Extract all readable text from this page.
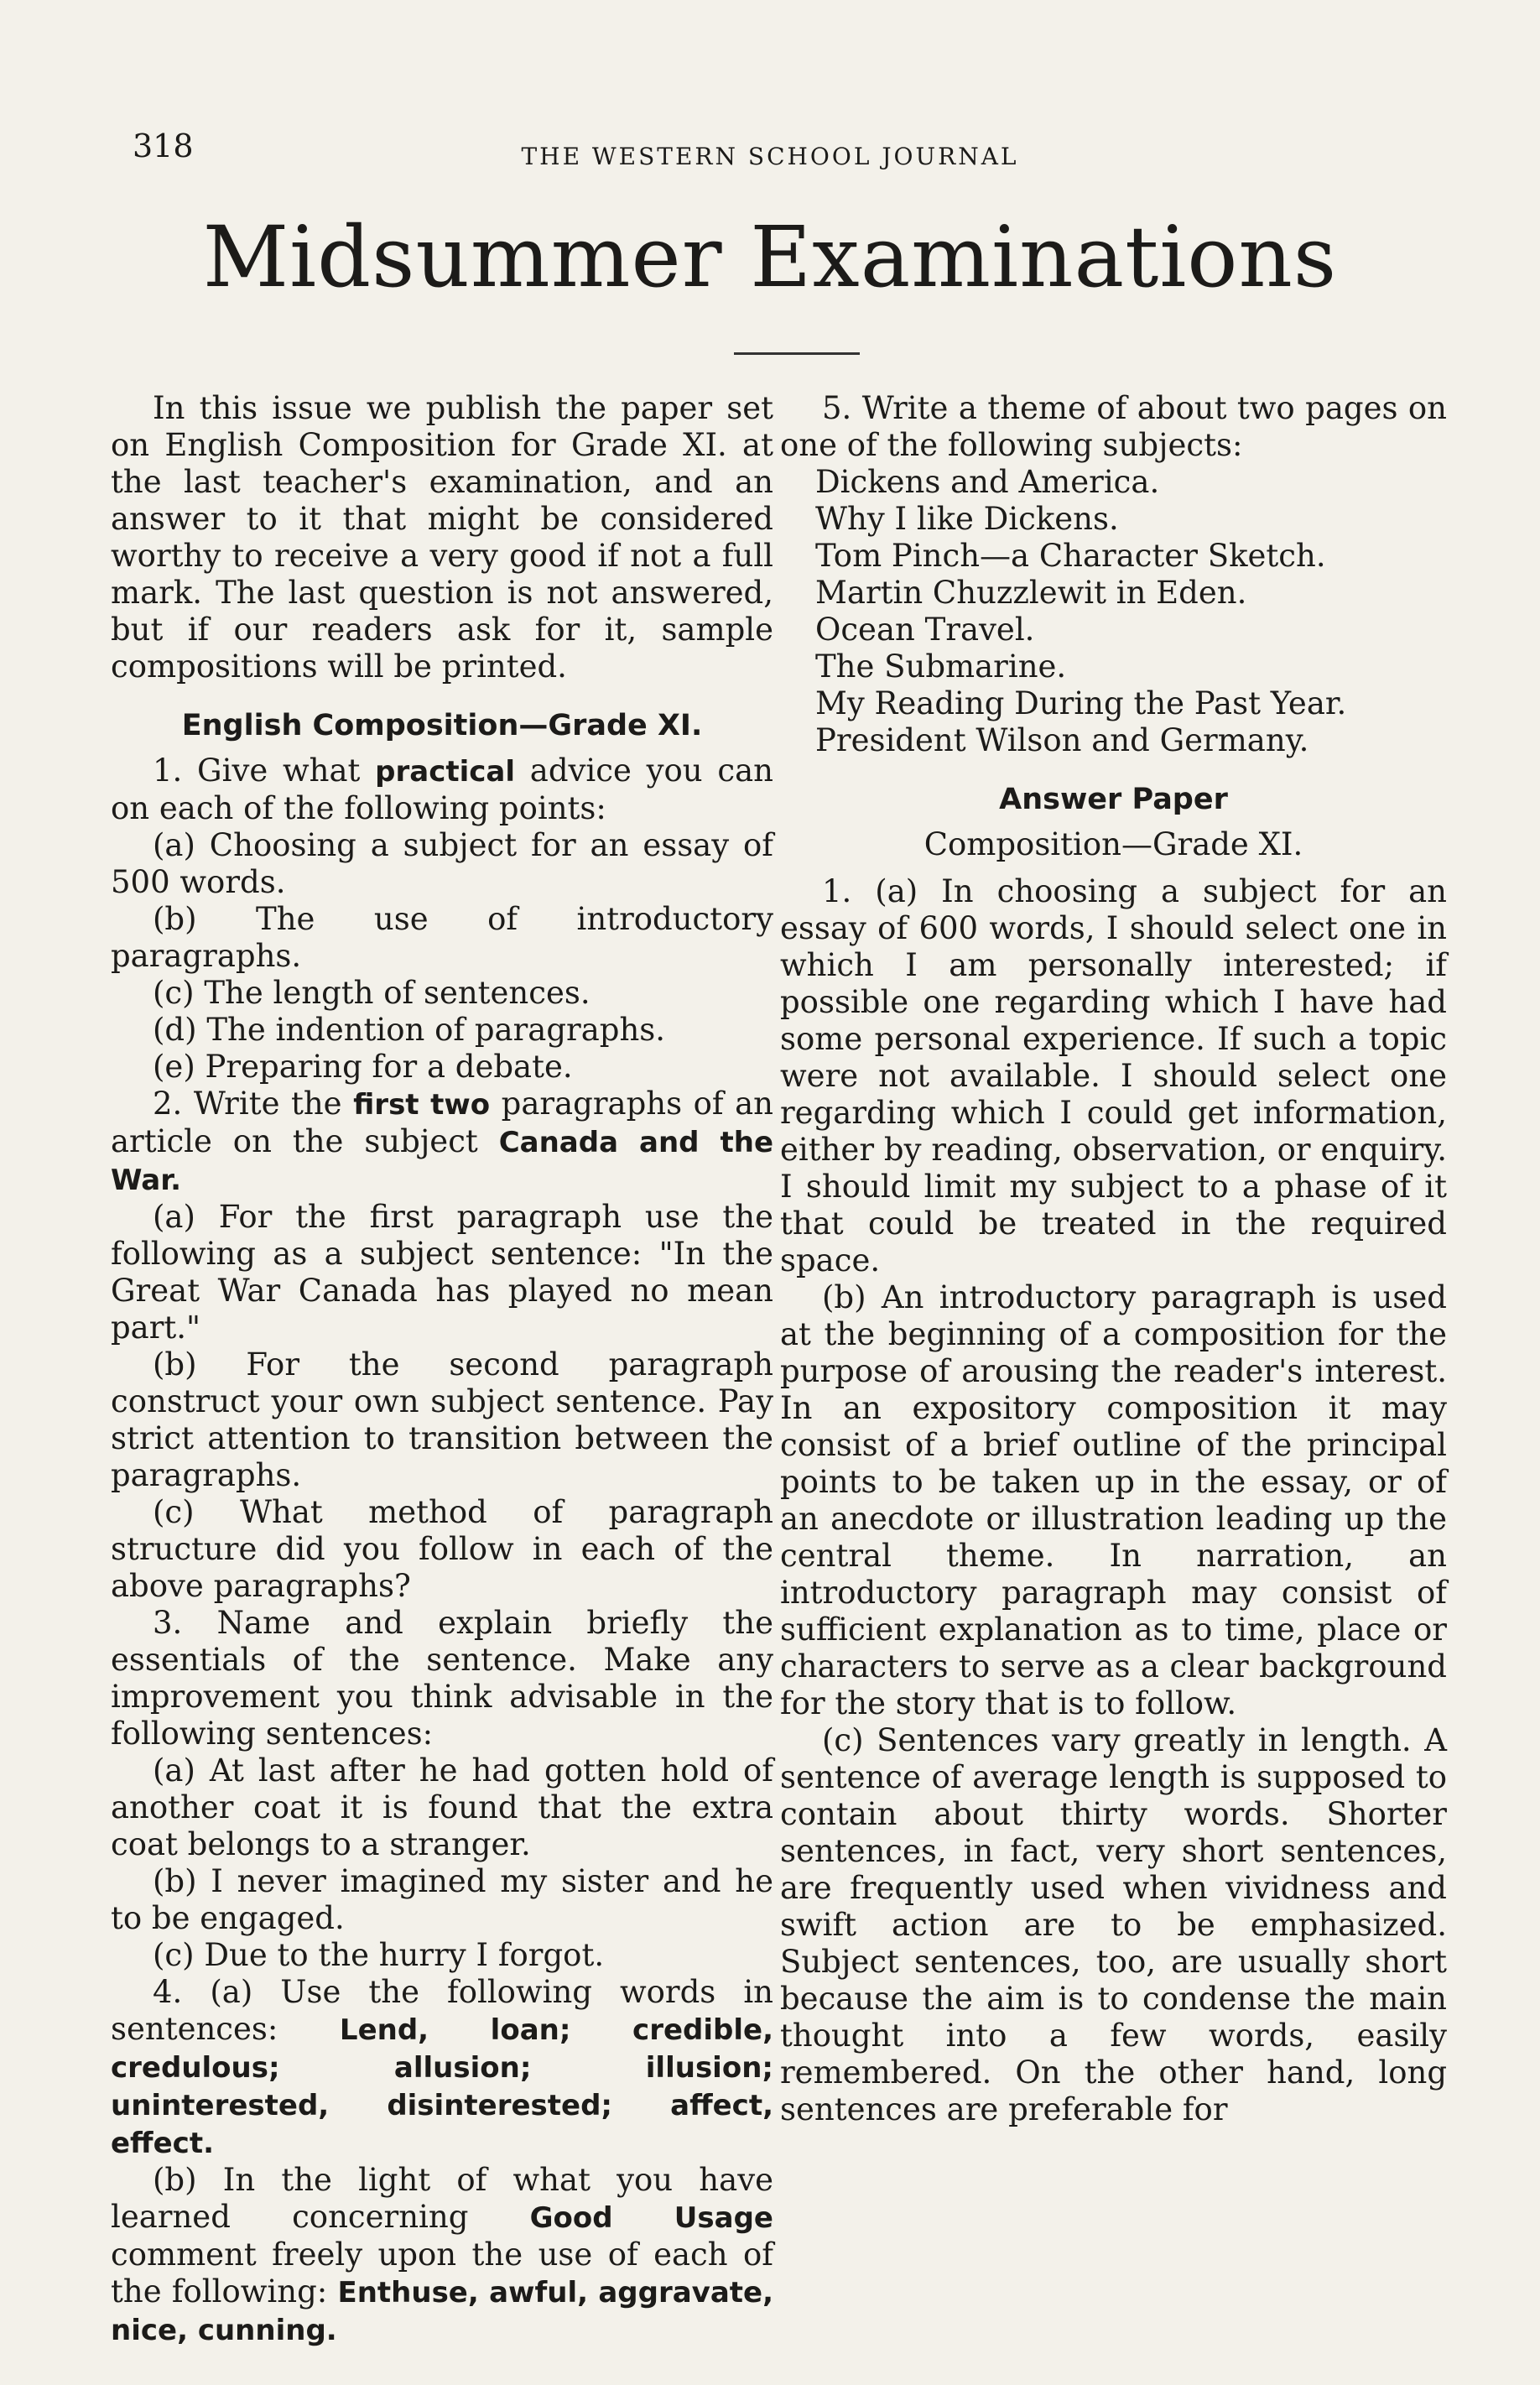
318	THE WESTERN SCHOOL JOURNAL
Midsummer Examinations

In this issue we publish the paper set on English Composition for Grade XI. at the last teacher's examination, and an answer to it that might be considered worthy to receive a very good if not a full mark. The last question is not answered, but if our readers ask for it, sample compositions will be printed.

English Composition—Grade XI.

1. Give what practical advice you can on each of the following points:

(a) Choosing a subject for an essay of 500 words.

(b) The use of introductory paragraphs.

(c) The length of sentences.

(d) The indention of paragraphs.

(e) Preparing for a debate.

2. Write the first two paragraphs of an article on the subject Canada and the War.

(a) For the first paragraph use the following as a subject sentence: "In the Great War Canada has played no mean part."

(b) For the second paragraph construct your own subject sentence. Pay strict attention to transition between the paragraphs.

(c) What method of paragraph structure did you follow in each of the above paragraphs?

3. Name and explain briefly the essentials of the sentence. Make any improvement you think advisable in the following sentences:

(a) At last after he had gotten hold of another coat it is found that the extra coat belongs to a stranger.

(b) I never imagined my sister and he to be engaged.

(c) Due to the hurry I forgot.

4. (a) Use the following words in sentences: Lend, loan; credible, credulous; allusion; illusion; uninterested, disinterested; affect, effect.

(b) In the light of what you have learned concerning Good Usage comment freely upon the use of each of the following: Enthuse, awful, aggravate, nice, cunning.

5. Write a theme of about two pages on one of the following subjects:

Dickens and America.
Why I like Dickens.
Tom Pinch—a Character Sketch.
Martin Chuzzlewit in Eden.
Ocean Travel.
The Submarine.
My Reading During the Past Year.
President Wilson and Germany.

Answer Paper

Composition—Grade XI.

1. (a) In choosing a subject for an essay of 600 words, I should select one in which I am personally interested; if possible one regarding which I have had some personal experience. If such a topic were not available. I should select one regarding which I could get information, either by reading, observation, or enquiry. I should limit my subject to a phase of it that could be treated in the required space.

(b) An introductory paragraph is used at the beginning of a composition for the purpose of arousing the reader's interest. In an expository composition it may consist of a brief outline of the principal points to be taken up in the essay, or of an anecdote or illustration leading up the central theme. In narration, an introductory paragraph may consist of sufficient explanation as to time, place or characters to serve as a clear background for the story that is to follow.

(c) Sentences vary greatly in length. A sentence of average length is supposed to contain about thirty words. Shorter sentences, in fact, very short sentences, are frequently used when vividness and swift action are to be emphasized. Subject sentences, too, are usually short because the aim is to condense the main thought into a few words, easily remembered. On the other hand, long sentences are preferable for
